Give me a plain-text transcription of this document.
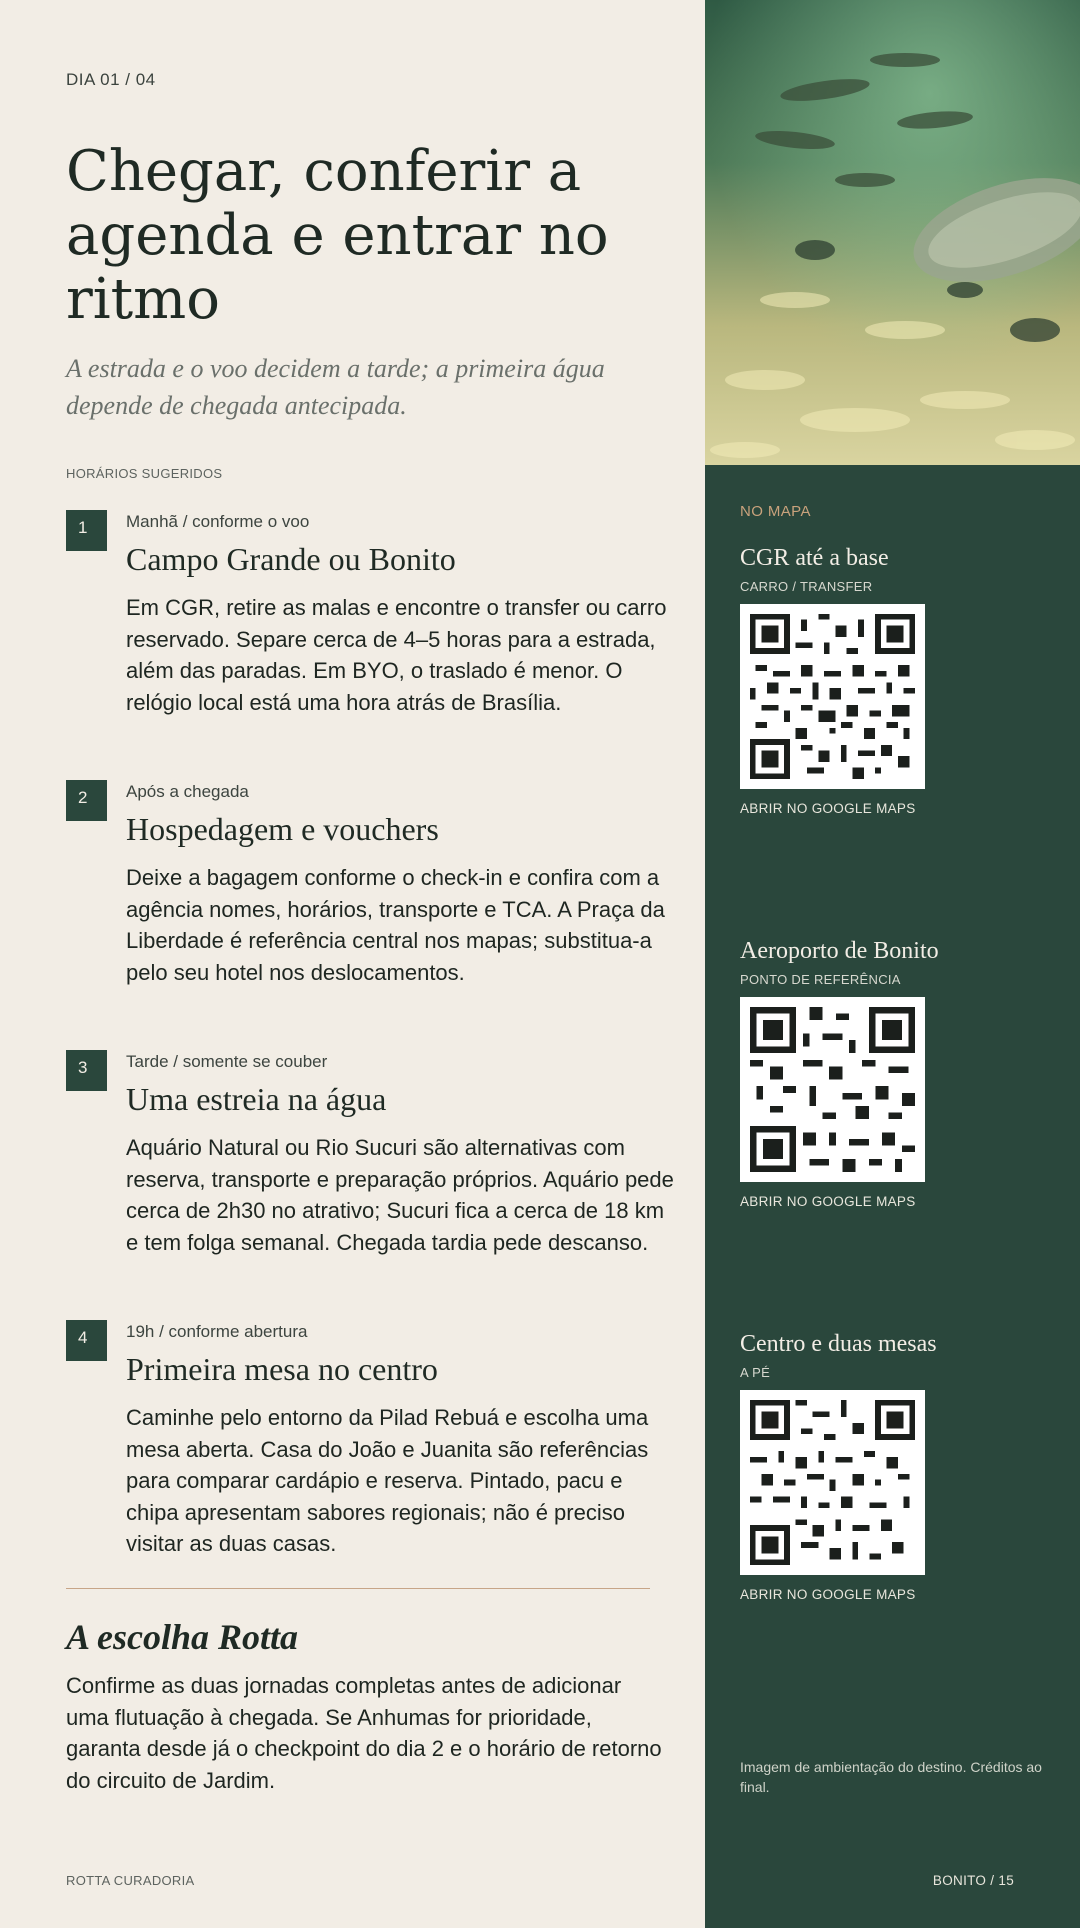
DIA 01 / 04
Chegar, conferir a agenda e entrar no ritmo

A estrada e o voo decidem a tarde; a primeira água depende de chegada antecipada.

HORÁRIOS SUGERIDOS
1	Manhã / conforme o voo
Campo Grande ou Bonito
Em CGR, retire as malas e encontre o transfer ou carro reservado. Separe cerca de 4–5 horas para a estrada, além das paradas. Em BYO, o traslado é menor. O relógio local está uma hora atrás de Brasília.
2	Após a chegada
Hospedagem e vouchers
Deixe a bagagem conforme o check-in e confira com a agência nomes, horários, transporte e TCA. A Praça da Liberdade é referência central nos mapas; substitua-a pelo seu hotel nos deslocamentos.
3	Tarde / somente se couber
Uma estreia na água
Aquário Natural ou Rio Sucuri são alternativas com reserva, transporte e preparação próprios. Aquário pede cerca de 2h30 no atrativo; Sucuri fica a cerca de 18 km e tem folga semanal. Chegada tardia pede descanso.
4	19h / conforme abertura
Primeira mesa no centro
Caminhe pelo entorno da Pilad Rebuá e escolha uma mesa aberta. Casa do João e Juanita são referências para comparar cardápio e reserva. Pintado, pacu e chipa apresentam sabores regionais; não é preciso visitar as duas casas.
A escolha Rotta

Confirme as duas jornadas completas antes de adicionar uma flutuação à chegada. Se Anhumas for prioridade, garanta desde já o checkpoint do dia 2 e o horário de retorno do circuito de Jardim.

ROTTA CURADORIA
NO MAPA
CGR até a base
CARRO / TRANSFER
ABRIR NO GOOGLE MAPS
Aeroporto de Bonito
PONTO DE REFERÊNCIA
ABRIR NO GOOGLE MAPS
Centro e duas mesas
A PÉ
ABRIR NO GOOGLE MAPS
Imagem de ambientação do destino. Créditos ao final.
BONITO / 15
